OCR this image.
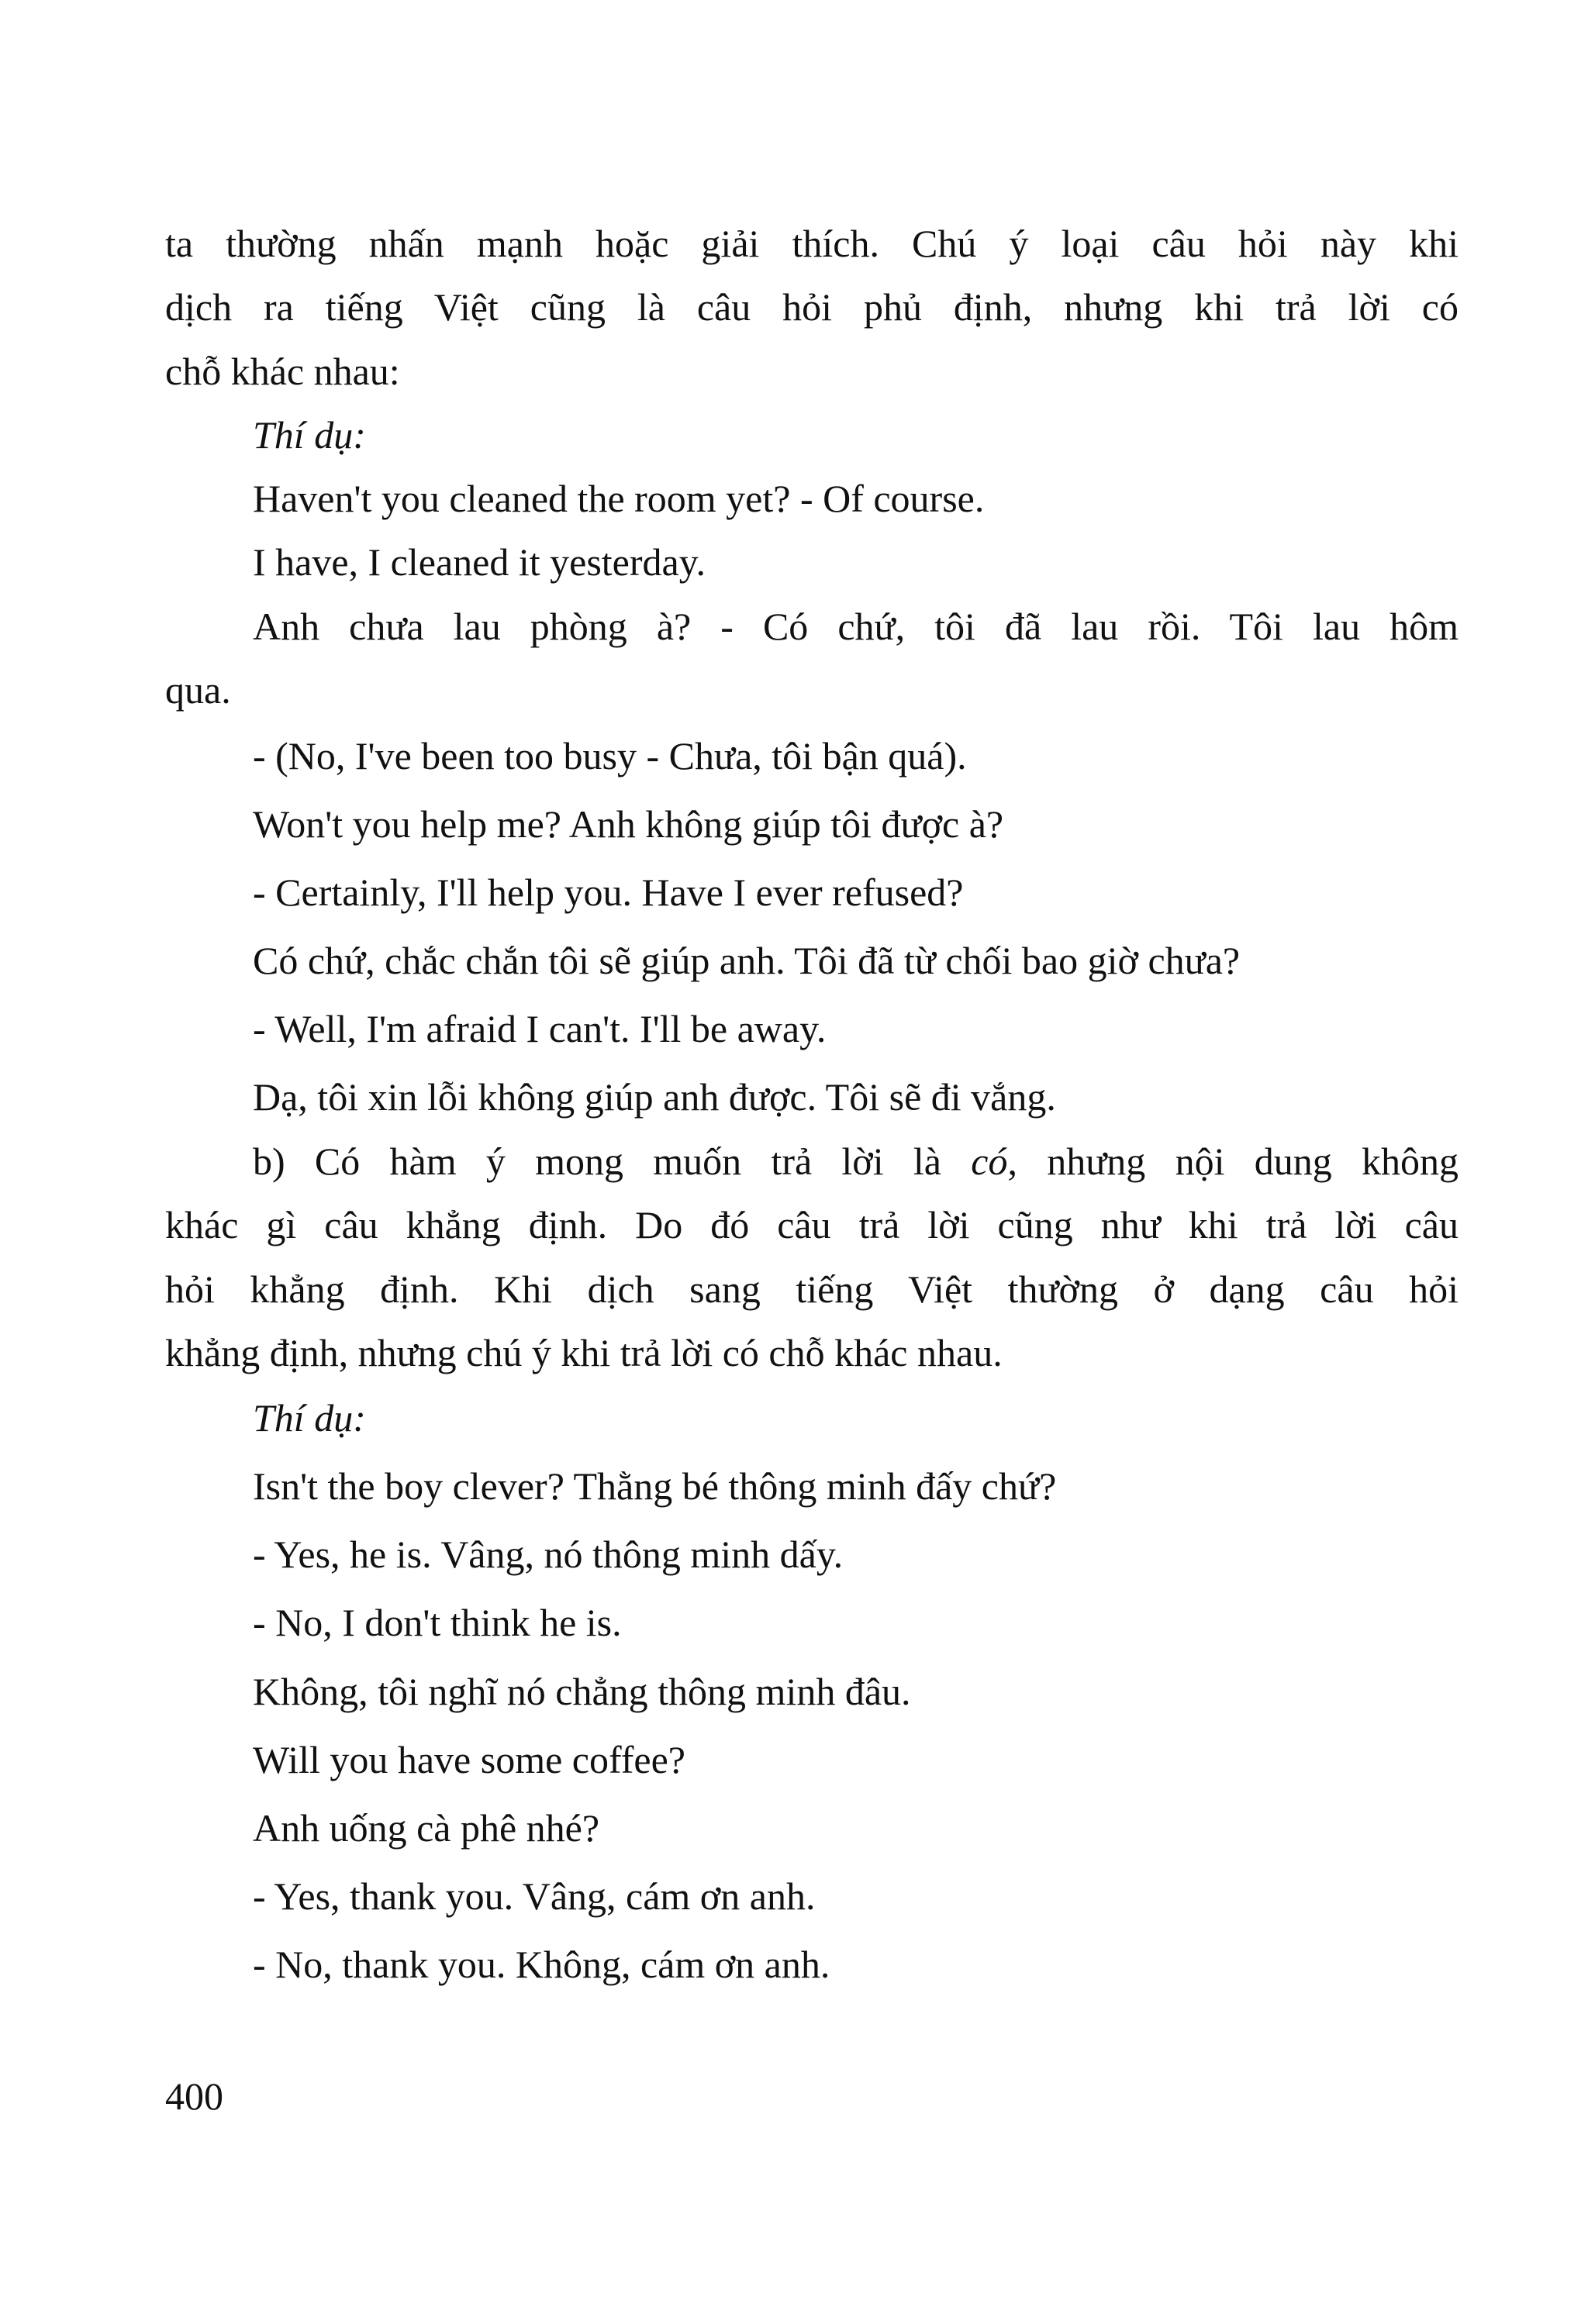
ta thường nhấn mạnh hoặc giải thích. Chú ý loại câu hỏi này khi
dịch ra tiếng Việt cũng là câu hỏi phủ định, nhưng khi trả lời có
chỗ khác nhau:
Thí dụ:
Haven't you cleaned the room yet? - Of course.
I have, I cleaned it yesterday.
Anh chưa lau phòng à? - Có chứ, tôi đã lau rồi. Tôi lau hôm
qua.
- (No, I've been too busy - Chưa, tôi bận quá).
Won't you help me? Anh không giúp tôi được à?
- Certainly, I'll help you. Have I ever refused?
Có chứ, chắc chắn tôi sẽ giúp anh. Tôi đã từ chối bao giờ chưa?
- Well, I'm afraid I can't. I'll be away.
Dạ, tôi xin lỗi không giúp anh được. Tôi sẽ đi vắng.
b) Có hàm ý mong muốn trả lời là có, nhưng nội dung không
khác gì câu khẳng định. Do đó câu trả lời cũng như khi trả lời câu
hỏi khẳng định. Khi dịch sang tiếng Việt thường ở dạng câu hỏi
khẳng định, nhưng chú ý khi trả lời có chỗ khác nhau.
Thí dụ:
Isn't the boy clever? Thằng bé thông minh đấy chứ?
- Yes, he is. Vâng, nó thông minh dấy.
- No, I don't think he is.
Không, tôi nghĩ nó chẳng thông minh đâu.
Will you have some coffee?
Anh uống cà phê nhé?
- Yes, thank you. Vâng, cám ơn anh.
- No, thank you. Không, cám ơn anh.
400
